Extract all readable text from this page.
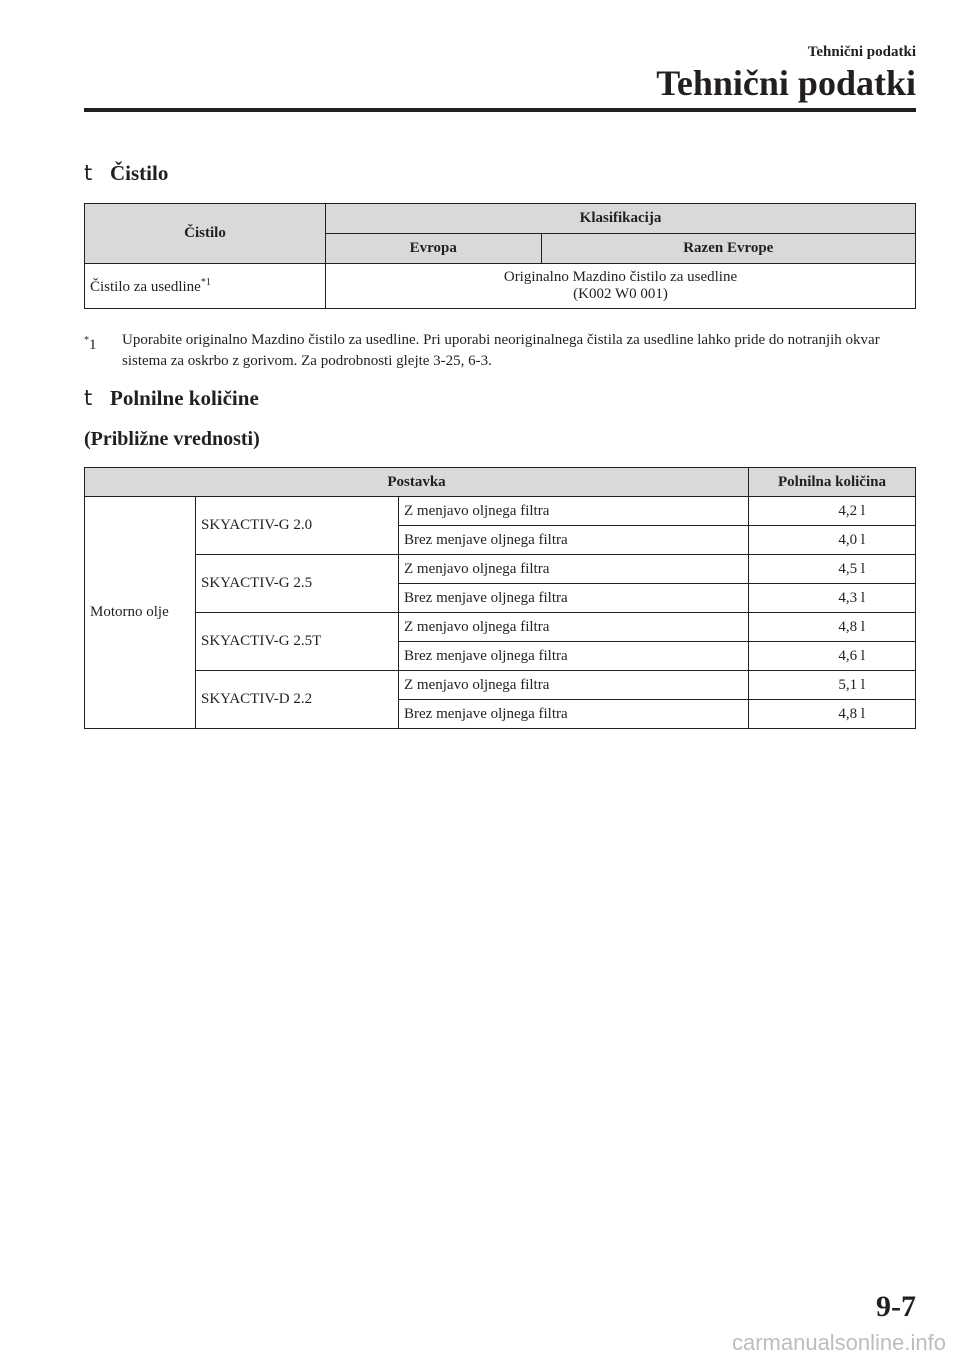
Tehnični podatki
Tehnični podatki
t Čistilo
Čistilo	Klasifikacija	
	Evropa	Razen Evrope
Čistilo za usedline$^{*1}$	Originalno Mazdino čistilo za usedline
(K002 W0 001)	
*1 Uporabite originalno Mazdino čistilo za usedline. Pri uporabi neoriginalnega čistila za usedline lahko pride do notranjih okvar sistema za oskrbo z gorivom. Za podrobnosti glejte 3-25, 6-3.
t Polnilne količine
(Približne vrednosti)
Postavka			Polnilna količina
Motorno olje	SKYACTIV-G 2.0	Z menjavo oljnega filtra	4,2 l
		Brez menjave oljnega filtra	4,0 l
	SKYACTIV-G 2.5	Z menjavo oljnega filtra	4,5 l
		Brez menjave oljnega filtra	4,3 l
	SKYACTIV-G 2.5T	Z menjavo oljnega filtra	4,8 l
		Brez menjave oljnega filtra	4,6 l
	SKYACTIV-D 2.2	Z menjavo oljnega filtra	5,1 l
		Brez menjave oljnega filtra	4,8 l
9-7
carmanualsonline.info
